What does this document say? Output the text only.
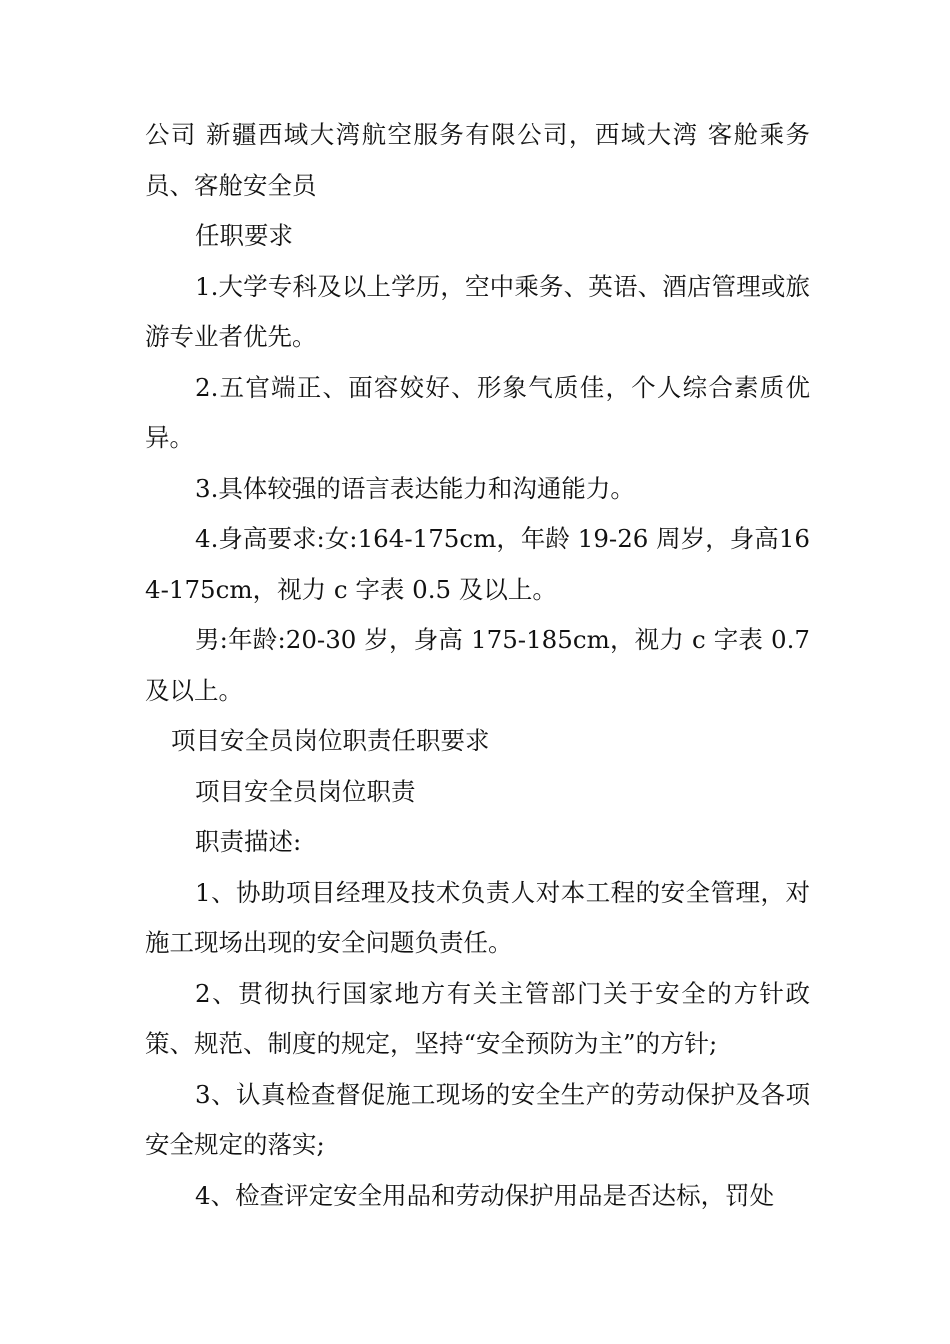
公司 新疆西域大湾航空服务有限公司，西域大湾 客舱乘务员、客舱安全员

任职要求

1.大学专科及以上学历，空中乘务、英语、酒店管理或旅游专业者优先。

2.五官端正、面容姣好、形象气质佳，个人综合素质优异。

3.具体较强的语言表达能力和沟通能力。

4.身高要求:女:164-175cm，年龄 19-26 周岁，身高164-175cm，视力 c 字表 0.5 及以上。

男:年龄:20-30 岁，身高 175-185cm，视力 c 字表 0.7 及以上。

项目安全员岗位职责任职要求

项目安全员岗位职责

职责描述:

1、协助项目经理及技术负责人对本工程的安全管理，对施工现场出现的安全问题负责任。

2、贯彻执行国家地方有关主管部门关于安全的方针政策、规范、制度的规定，坚持“安全预防为主”的方针;

3、认真检查督促施工现场的安全生产的劳动保护及各项安全规定的落实;

4、检查评定安全用品和劳动保护用品是否达标，罚处
